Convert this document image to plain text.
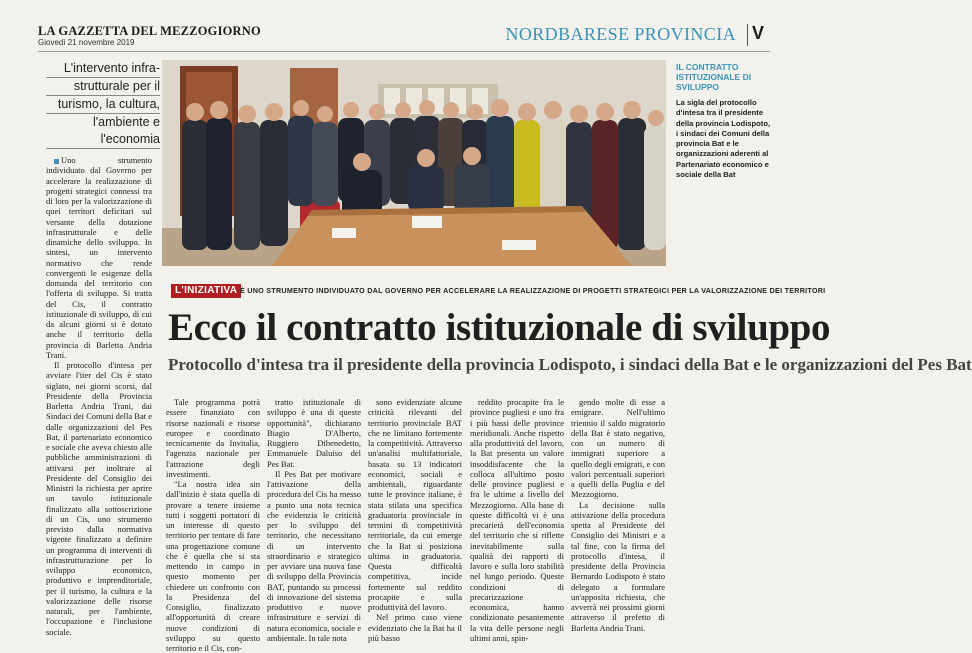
LA GAZZETTA DEL MEZZOGIORNO
Giovedì 21 novembre 2019	NORDBARESE PROVINCIA V
L'intervento infra-
strutturale per il
turismo, la cultura,
l'ambiente e l'economia
IL CONTRATTO ISTITUZIONALE DI SVILUPPO
La sigla del protocollo d'intesa tra il presidente della provincia Lodispoto, i sindaci dei Comuni della provincia Bat e le organizzazioni aderenti al Partenariato economico e sociale della Bat

Uno strumento individuato dal Governo per accelerare la realizzazione di progetti strategici connessi tra di loro per la valorizzazione di quei territori deficitari sul versante della dotazione infrastrutturale e delle dinamiche dello sviluppo. In sintesi, un intervento normativo che rende convergenti le esigenze della domanda del territorio con l'offerta di sviluppo. Si tratta del Cis, il contratto istituzionale di sviluppo, di cui da alcuni giorni si è dotato anche il territorio della provincia di Barletta Andria Trani.

Il protocollo d'intesa per avviare l'iter del Cis è stato siglato, nei giorni scorsi, dal Presidente della Provincia Barletta Andria Trani, dai Sindaci dei Comuni della Bat e dalle organizzazioni del Pes Bat, il partenariato economico e sociale che aveva chiesto alle pubbliche amministrazioni di attivarsi per inoltrare al Presidente del Consiglio dei Ministri la richiesta per aprire un tavolo istituzionale finalizzato alla sottoscrizione di un Cis, uno strumento previsto dalla normativa vigente finalizzato a definire un programma di interventi di infrastrutturazione per lo sviluppo economico, produttivo e imprenditoriale, per il turismo, la cultura e la valorizzazione delle risorse naturali, per l'ambiente, l'occupazione e l'inclusione sociale.

L'INIZIATIVA È UNO STRUMENTO INDIVIDUATO DAL GOVERNO PER ACCELERARE LA REALIZZAZIONE DI PROGETTI STRATEGICI PER LA VALORIZZAZIONE DEI TERRITORI
Ecco il contratto istituzionale di sviluppo
Protocollo d'intesa tra il presidente della provincia Lodispoto, i sindaci della Bat e le organizzazioni del Pes Bat

Tale programma potrà essere finanziato con risorse nazionali e risorse europee e coordinato tecnicamente da Invitalia, l'agenzia nazionale per l'attrazione degli investimenti.

"La nostra idea sin dall'inizio è stata quella di provare a tenere insieme tutti i soggetti portatori di un interesse di questo territorio per tentare di fare una progettazione comune che è quella che si sta mettendo in campo in questo momento per chiedere un confronto con la Presidenza del Consiglio, finalizzato all'opportunità di creare nuove condizioni di sviluppo su questo territorio e il Cis, con-

tratto istituzionale di sviluppo è una di queste opportunità", dichiarano Biagio D'Alberto, Ruggiero Dibenedetto, Emmanuele Daluiso del Pes Bat.

Il Pes Bat per motivare l'attivazione della procedura del Cis ha messo a punto una nota tecnica che evidenzia le criticità per lo sviluppo del territorio, che necessitano di un intervento straordinario e strategico per avviare una nuova fase di sviluppo della Provincia BAT, puntando su processi di innovazione del sistema produttivo e nuove infrastrutture e servizi di natura economica, sociale e ambientale. In tale nota

sono evidenziate alcune criticità rilevanti del territorio provinciale BAT che ne limitano fortemente la competitività. Attraverso un'analisi multifattoriale, basata su 13 indicatori economici, sociali e ambientali, riguardante tutte le province italiane, è stata stilata una specifica graduatoria provinciale in termini di competitività territoriale, da cui emerge che la Bat si posiziona ultima in graduatoria. Questa difficoltà competitiva, incide fortemente sul reddito procapite e sulla produttività del lavoro.

Nel primo caso viene evidenziato che la Bat ha il più basso

reddito procapite fra le province pugliesi e uno fra i più bassi delle province meridionali. Anche rispetto alla produttività del lavoro, la Bat presenta un valore insoddisfacente che la colloca all'ultimo posto delle province pugliesi e fra le ultime a livello del Mezzogiorno. Alla base di queste difficoltà vi è una precarietà dell'economia del territorio che si riflette inevitabilmente sulla qualità dei rapporti di lavoro e sulla loro stabilità nel lungo periodo. Queste condizioni di precarizzazione economica, hanno condizionato pesantemente la vita delle persone negli ultimi anni, spin-

gendo molte di esse a emigrare. Nell'ultimo triennio il saldo migratorio della Bat è stato negativo, con un numero di immigrati superiore a quello degli emigrati, e con valori percentuali superiori a quelli della Puglia e del Mezzogiorno.

La decisione sulla attivazione della procedura spetta al Presidente del Consiglio dei Ministri e a tal fine, con la firma del protocollo d'intesa, il presidente della Provincia Bernardo Lodispoto è stato delegato a formulare un'apposita richiesta, che avverrà nei prossimi giorni attraverso il prefetto di Barletta Andria Trani.
